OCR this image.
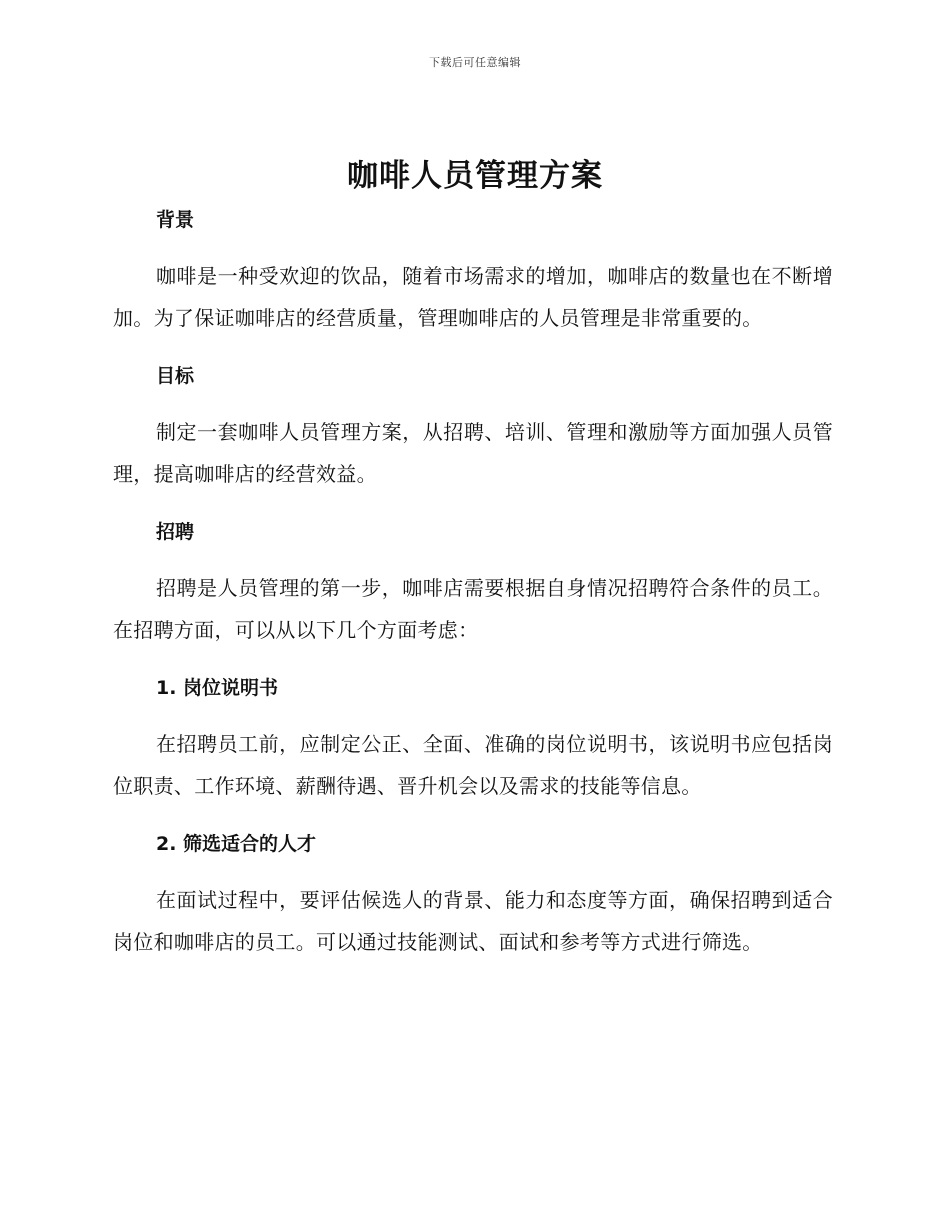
下载后可任意编辑
咖啡人员管理方案
背景

咖啡是一种受欢迎的饮品，随着市场需求的增加，咖啡店的数量也在不断增加。为了保证咖啡店的经营质量，管理咖啡店的人员管理是非常重要的。

目标

制定一套咖啡人员管理方案，从招聘、培训、管理和激励等方面加强人员管理，提高咖啡店的经营效益。

招聘

招聘是人员管理的第一步，咖啡店需要根据自身情况招聘符合条件的员工。在招聘方面，可以从以下几个方面考虑：

1. 岗位说明书

在招聘员工前，应制定公正、全面、准确的岗位说明书，该说明书应包括岗位职责、工作环境、薪酬待遇、晋升机会以及需求的技能等信息。

2. 筛选适合的人才

在面试过程中，要评估候选人的背景、能力和态度等方面，确保招聘到适合岗位和咖啡店的员工。可以通过技能测试、面试和参考等方式进行筛选。
